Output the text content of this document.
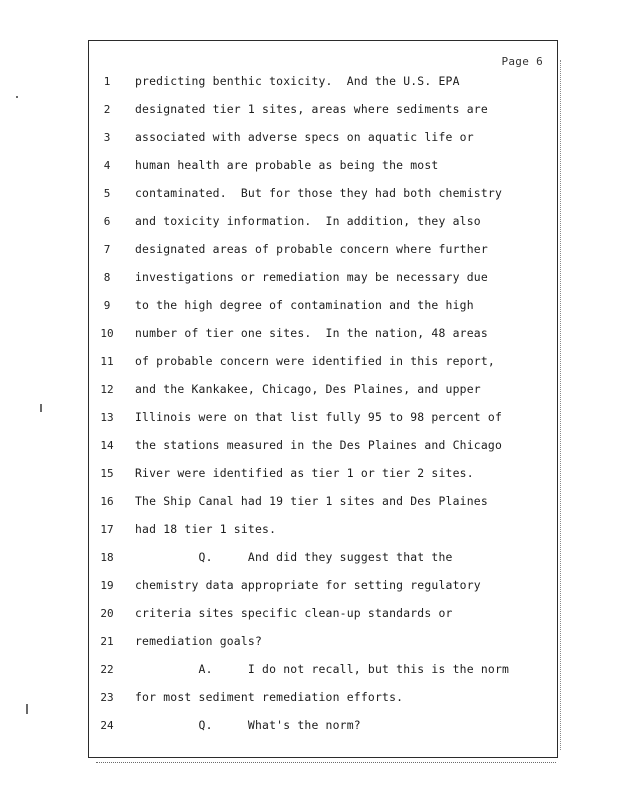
Page 6
1	predicting benthic toxicity.  And the U.S. EPA
2	designated tier 1 sites, areas where sediments are
3	associated with adverse specs on aquatic life or
4	human health are probable as being the most
5	contaminated.  But for those they had both chemistry
6	and toxicity information.  In addition, they also
7	designated areas of probable concern where further
8	investigations or remediation may be necessary due
9	to the high degree of contamination and the high
10	number of tier one sites.  In the nation, 48 areas
11	of probable concern were identified in this report,
12	and the Kankakee, Chicago, Des Plaines, and upper
13	Illinois were on that list fully 95 to 98 percent of
14	the stations measured in the Des Plaines and Chicago
15	River were identified as tier 1 or tier 2 sites.
16	The Ship Canal had 19 tier 1 sites and Des Plaines
17	had 18 tier 1 sites.
18	Q.     And did they suggest that the
19	chemistry data appropriate for setting regulatory
20	criteria sites specific clean-up standards or
21	remediation goals?
22	A.     I do not recall, but this is the norm
23	for most sediment remediation efforts.
24	Q.     What's the norm?
